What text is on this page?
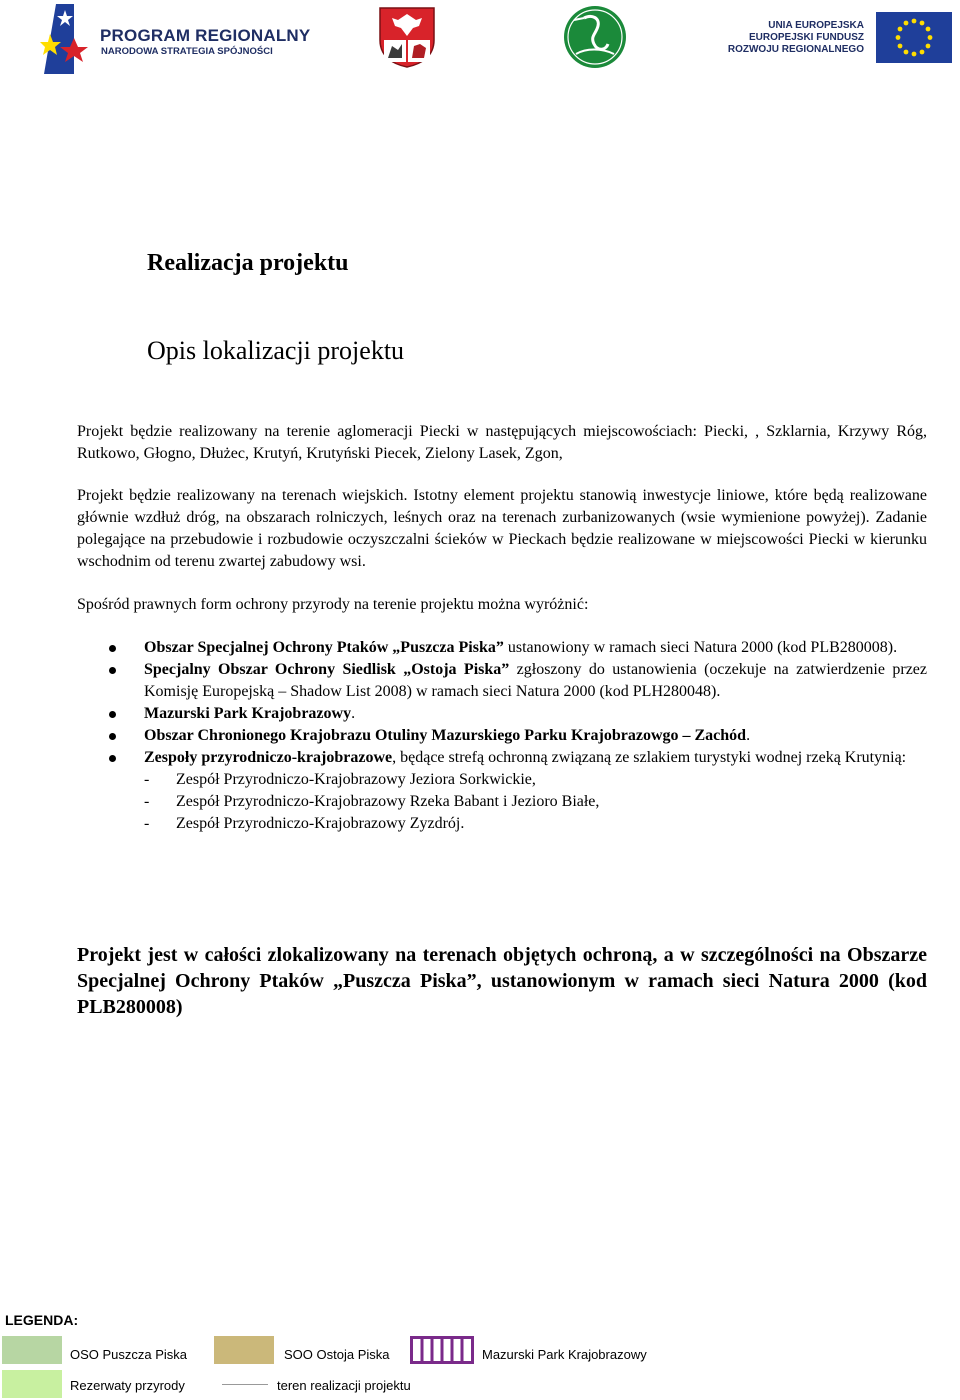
PROGRAM REGIONALNY
NARODOWA STRATEGIA SPÓJNOŚCI
UNIA EUROPEJSKA
EUROPEJSKI FUNDUSZ
ROZWOJU REGIONALNEGO
Realizacja projektu
Opis lokalizacji projektu
Projekt będzie realizowany na terenie aglomeracji Piecki w następujących miejscowościach: Piecki, , Szklarnia, Krzywy Róg, Rutkowo, Głogno, Dłużec, Krutyń, Krutyński Piecek, Zielony Lasek, Zgon,
Projekt będzie realizowany na terenach wiejskich. Istotny element projektu stanowią inwestycje liniowe, które będą realizowane głównie wzdłuż dróg, na obszarach rolniczych, leśnych oraz na terenach zurbanizowanych (wsie wymienione powyżej). Zadanie polegające na przebudowie i rozbudowie oczyszczalni ścieków w Pieckach będzie realizowane w miejscowości Piecki w kierunku wschodnim od terenu zwartej zabudowy wsi.
Spośród prawnych form ochrony przyrody na terenie projektu można wyróżnić:
Obszar Specjalnej Ochrony Ptaków „Puszcza Piska” ustanowiony w ramach sieci Natura 2000 (kod PLB280008).
Specjalny Obszar Ochrony Siedlisk „Ostoja Piska” zgłoszony do ustanowienia (oczekuje na zatwierdzenie przez Komisję Europejską – Shadow List 2008) w ramach sieci Natura 2000 (kod PLH280048).
Mazurski Park Krajobrazowy.
Obszar Chronionego Krajobrazu Otuliny Mazurskiego Parku Krajobrazowgo – Zachód.
Zespoły przyrodniczo-krajobrazowe, będące strefą ochronną związaną ze szlakiem turystyki wodnej rzeką Krutynią:
- Zespół Przyrodniczo-Krajobrazowy Jeziora Sorkwickie,
- Zespół Przyrodniczo-Krajobrazowy Rzeka Babant i Jezioro Białe,
- Zespół Przyrodniczo-Krajobrazowy Zyzdrój.
Projekt jest w całości zlokalizowany na terenach objętych ochroną, a w szczególności na Obszarze Specjalnej Ochrony Ptaków „Puszcza Piska”, ustanowionym w ramach sieci Natura 2000 (kod PLB280008)
LEGENDA:
OSO Puszcza Piska	SOO Ostoja Piska	Mazurski Park Krajobrazowy
Rezerwaty przyrody	teren realizacji projektu
